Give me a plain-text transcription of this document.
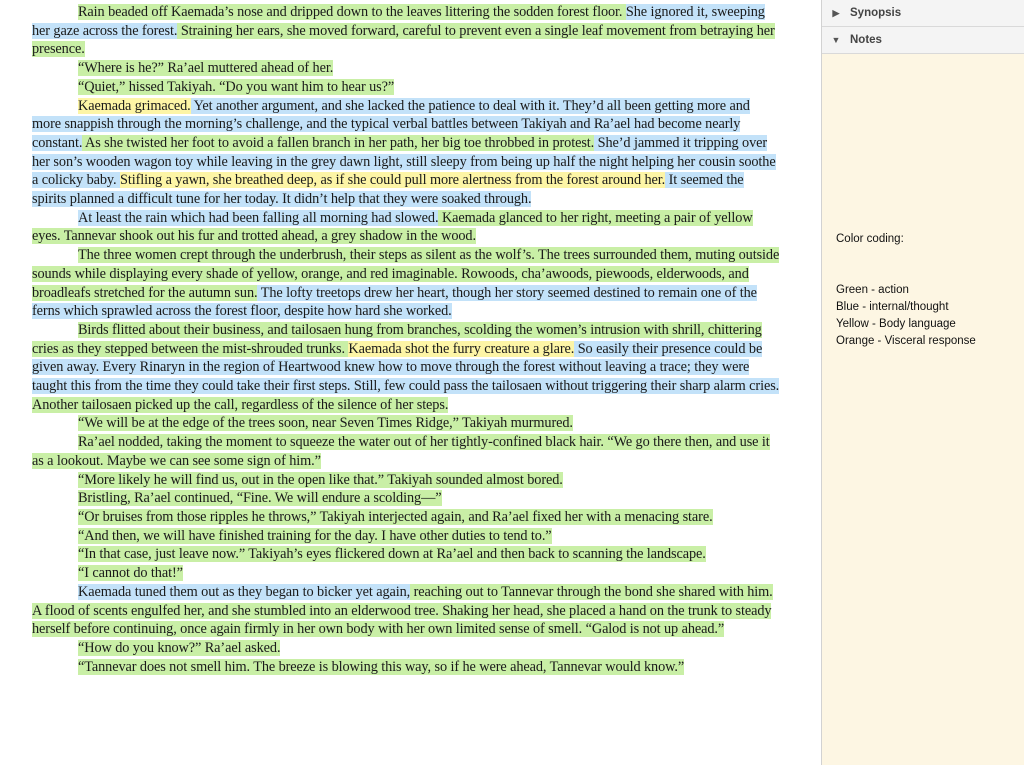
Rain beaded off Kaemada’s nose and dripped down to the leaves littering the sodden forest floor. She ignored it, sweeping her gaze across the forest. Straining her ears, she moved forward, careful to prevent even a single leaf movement from betraying her presence.

“Where is he?” Ra’ael muttered ahead of her.

“Quiet,” hissed Takiyah. “Do you want him to hear us?”

Kaemada grimaced. Yet another argument, and she lacked the patience to deal with it. They’d all been getting more and more snappish through the morning’s challenge, and the typical verbal battles between Takiyah and Ra’ael had become nearly constant. As she twisted her foot to avoid a fallen branch in her path, her big toe throbbed in protest. She’d jammed it tripping over her son’s wooden wagon toy while leaving in the grey dawn light, still sleepy from being up half the night helping her cousin soothe a colicky baby. Stifling a yawn, she breathed deep, as if she could pull more alertness from the forest around her. It seemed the spirits planned a difficult tune for her today. It didn’t help that they were soaked through.

At least the rain which had been falling all morning had slowed. Kaemada glanced to her right, meeting a pair of yellow eyes. Tannevar shook out his fur and trotted ahead, a grey shadow in the wood.

The three women crept through the underbrush, their steps as silent as the wolf’s. The trees surrounded them, muting outside sounds while displaying every shade of yellow, orange, and red imaginable. Rowoods, cha’awoods, piewoods, elderwoods, and broadleafs stretched for the autumn sun. The lofty treetops drew her heart, though her story seemed destined to remain one of the ferns which sprawled across the forest floor, despite how hard she worked.

Birds flitted about their business, and tailosaen hung from branches, scolding the women’s intrusion with shrill, chittering cries as they stepped between the mist-shrouded trunks. Kaemada shot the furry creature a glare. So easily their presence could be given away. Every Rinaryn in the region of Heartwood knew how to move through the forest without leaving a trace; they were taught this from the time they could take their first steps. Still, few could pass the tailosaen without triggering their sharp alarm cries. Another tailosaen picked up the call, regardless of the silence of her steps.

“We will be at the edge of the trees soon, near Seven Times Ridge,” Takiyah murmured.

Ra’ael nodded, taking the moment to squeeze the water out of her tightly-confined black hair. “We go there then, and use it as a lookout. Maybe we can see some sign of him.”

“More likely he will find us, out in the open like that.” Takiyah sounded almost bored.

Bristling, Ra’ael continued, “Fine. We will endure a scolding—”

“Or bruises from those ripples he throws,” Takiyah interjected again, and Ra’ael fixed her with a menacing stare.

“And then, we will have finished training for the day. I have other duties to tend to.”

“In that case, just leave now.” Takiyah’s eyes flickered down at Ra’ael and then back to scanning the landscape.

“I cannot do that!”

Kaemada tuned them out as they began to bicker yet again, reaching out to Tannevar through the bond she shared with him. A flood of scents engulfed her, and she stumbled into an elderwood tree. Shaking her head, she placed a hand on the trunk to steady herself before continuing, once again firmly in her own body with her own limited sense of smell. “Galod is not up ahead.”

“How do you know?” Ra’ael asked.

“Tannevar does not smell him. The breeze is blowing this way, so if he were ahead, Tannevar would know.”

▶ Synopsis
▼ Notes
Color coding:
Green - action
Blue - internal/thought
Yellow - Body language
Orange - Visceral response
